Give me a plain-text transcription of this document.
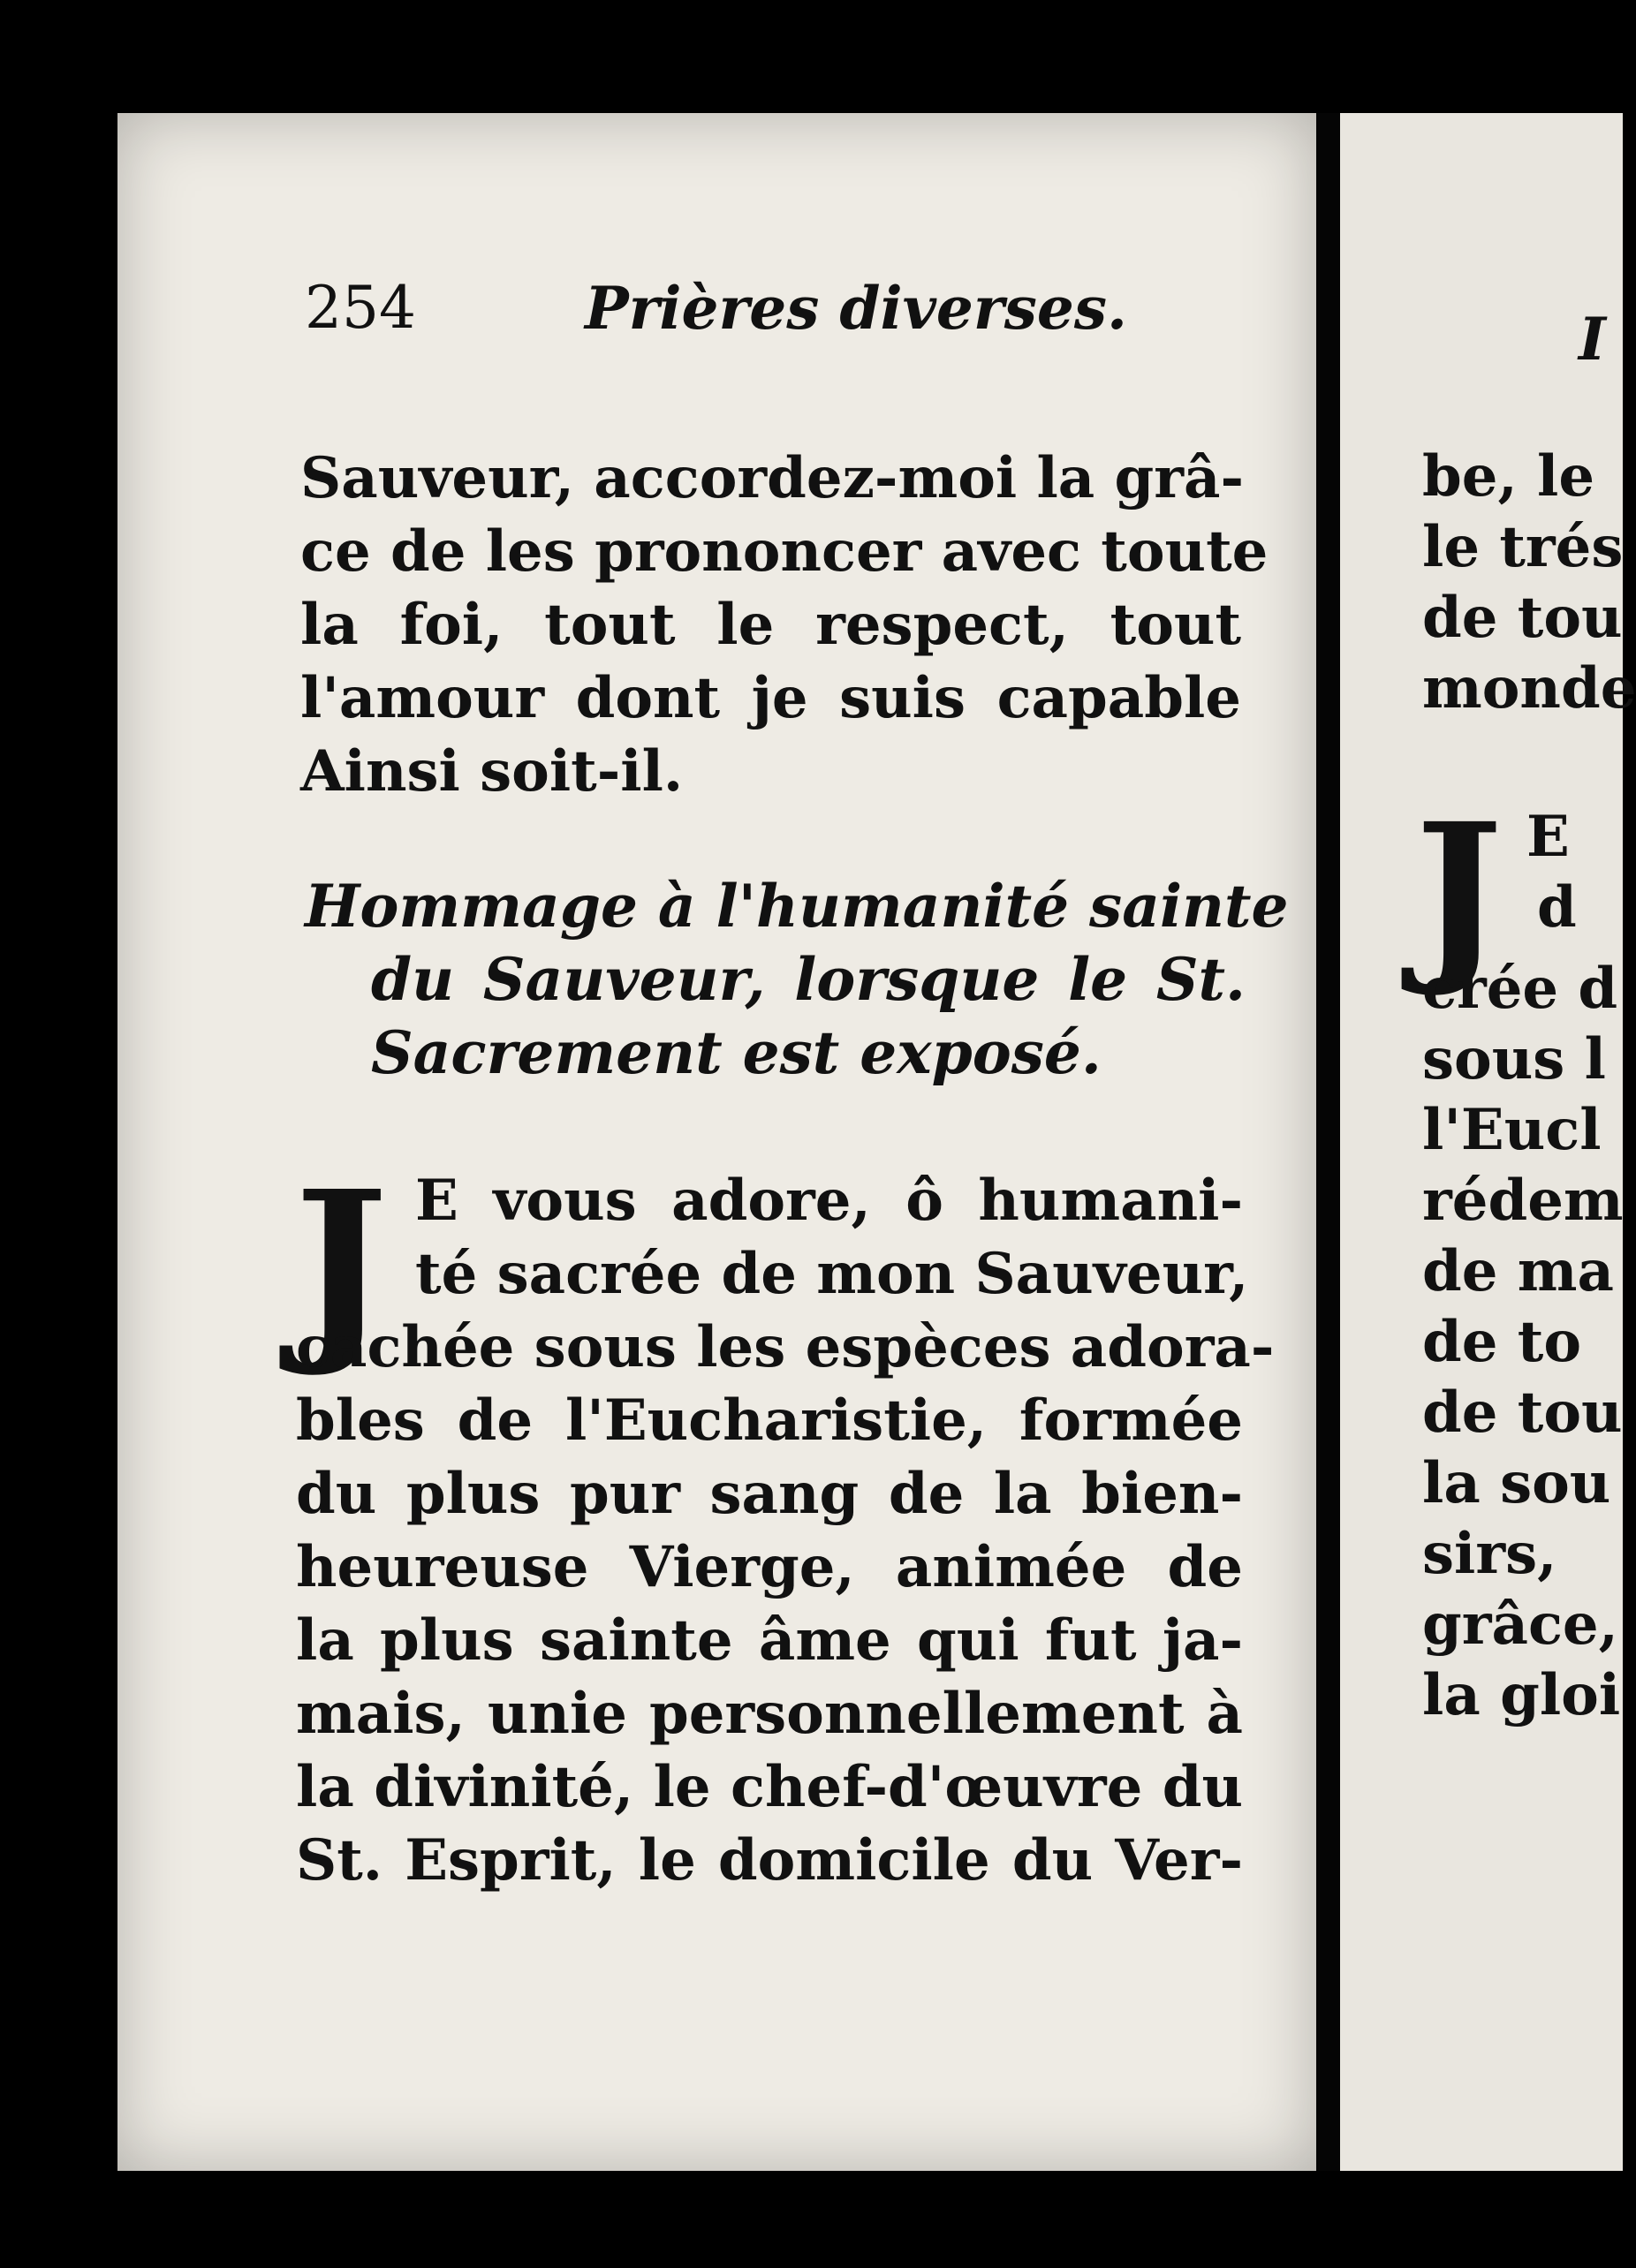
254	Prières diverses.
Sauveur, accordez-moi la grâ-
ce de les prononcer avec toute
la foi, tout le respect, tout
l'amour dont je suis capable
Ainsi soit-il.
Hommage à l'humanité sainte
du Sauveur, lorsque le St.
Sacrement est exposé.
J E vous adore, ô humani-
té sacrée de mon Sauveur,
cachée sous les espèces adora-
bles de l'Eucharistie, formée
du plus pur sang de la bien-
heureuse Vierge, animée de
la plus sainte âme qui fut ja-
mais, unie personnellement à
la divinité, le chef-d'œuvre du
St. Esprit, le domicile du Ver-
I
be, le
le trés
de tou
monde
J E
d
crée d
sous l
l'Eucl
rédem
de ma
de to
de tou
la sou
sirs,
grâce,
la gloi
